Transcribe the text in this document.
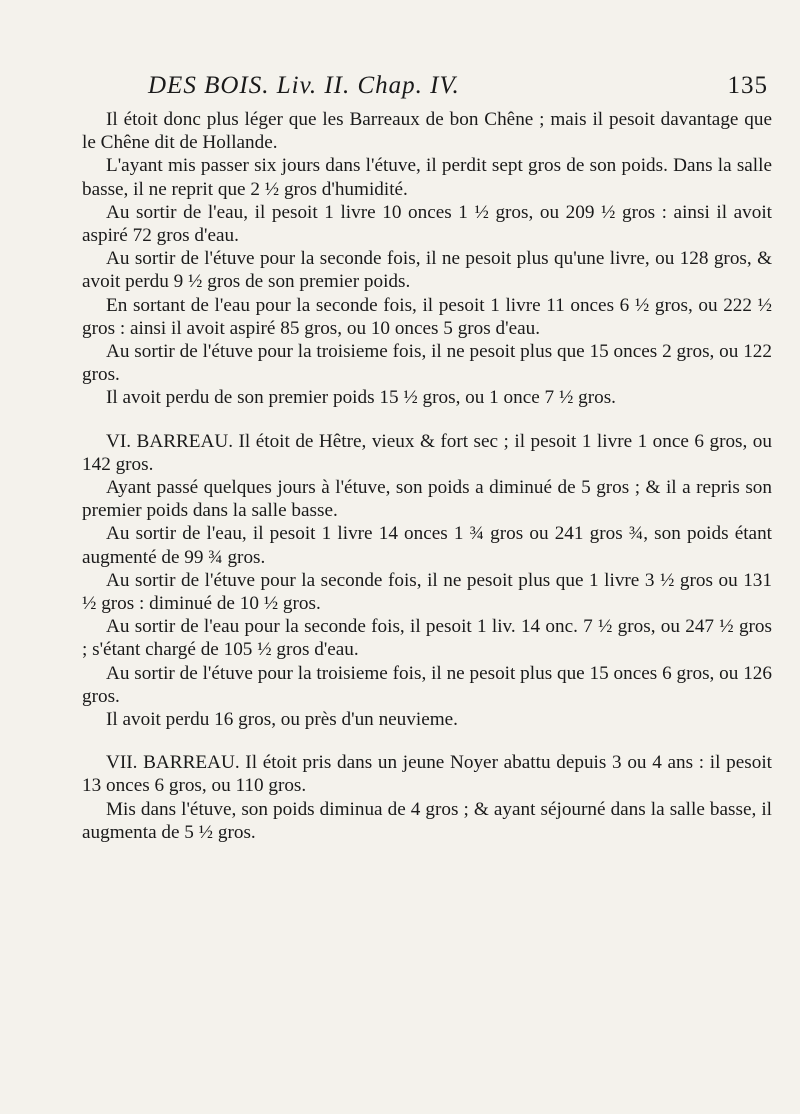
DES BOIS. Liv. II. Chap. IV.	135

Il étoit donc plus léger que les Barreaux de bon Chêne ; mais il pesoit davantage que le Chêne dit de Hollande.

L'ayant mis passer six jours dans l'étuve, il perdit sept gros de son poids. Dans la salle basse, il ne reprit que 2 ½ gros d'humidité.

Au sortir de l'eau, il pesoit 1 livre 10 onces 1 ½ gros, ou 209 ½ gros : ainsi il avoit aspiré 72 gros d'eau.

Au sortir de l'étuve pour la seconde fois, il ne pesoit plus qu'une livre, ou 128 gros, & avoit perdu 9 ½ gros de son premier poids.

En sortant de l'eau pour la seconde fois, il pesoit 1 livre 11 onces 6 ½ gros, ou 222 ½ gros : ainsi il avoit aspiré 85 gros, ou 10 onces 5 gros d'eau.

Au sortir de l'étuve pour la troisieme fois, il ne pesoit plus que 15 onces 2 gros, ou 122 gros.

Il avoit perdu de son premier poids 15 ½ gros, ou 1 once 7 ½ gros.

VI. BARREAU. Il étoit de Hêtre, vieux & fort sec ; il pesoit 1 livre 1 once 6 gros, ou 142 gros.

Ayant passé quelques jours à l'étuve, son poids a diminué de 5 gros ; & il a repris son premier poids dans la salle basse.

Au sortir de l'eau, il pesoit 1 livre 14 onces 1 ¾ gros ou 241 gros ¾, son poids étant augmenté de 99 ¾ gros.

Au sortir de l'étuve pour la seconde fois, il ne pesoit plus que 1 livre 3 ½ gros ou 131 ½ gros : diminué de 10 ½ gros.

Au sortir de l'eau pour la seconde fois, il pesoit 1 liv. 14 onc. 7 ½ gros, ou 247 ½ gros ; s'étant chargé de 105 ½ gros d'eau.

Au sortir de l'étuve pour la troisieme fois, il ne pesoit plus que 15 onces 6 gros, ou 126 gros.

Il avoit perdu 16 gros, ou près d'un neuvieme.

VII. BARREAU. Il étoit pris dans un jeune Noyer abattu depuis 3 ou 4 ans : il pesoit 13 onces 6 gros, ou 110 gros.

Mis dans l'étuve, son poids diminua de 4 gros ; & ayant séjourné dans la salle basse, il augmenta de 5 ½ gros.
